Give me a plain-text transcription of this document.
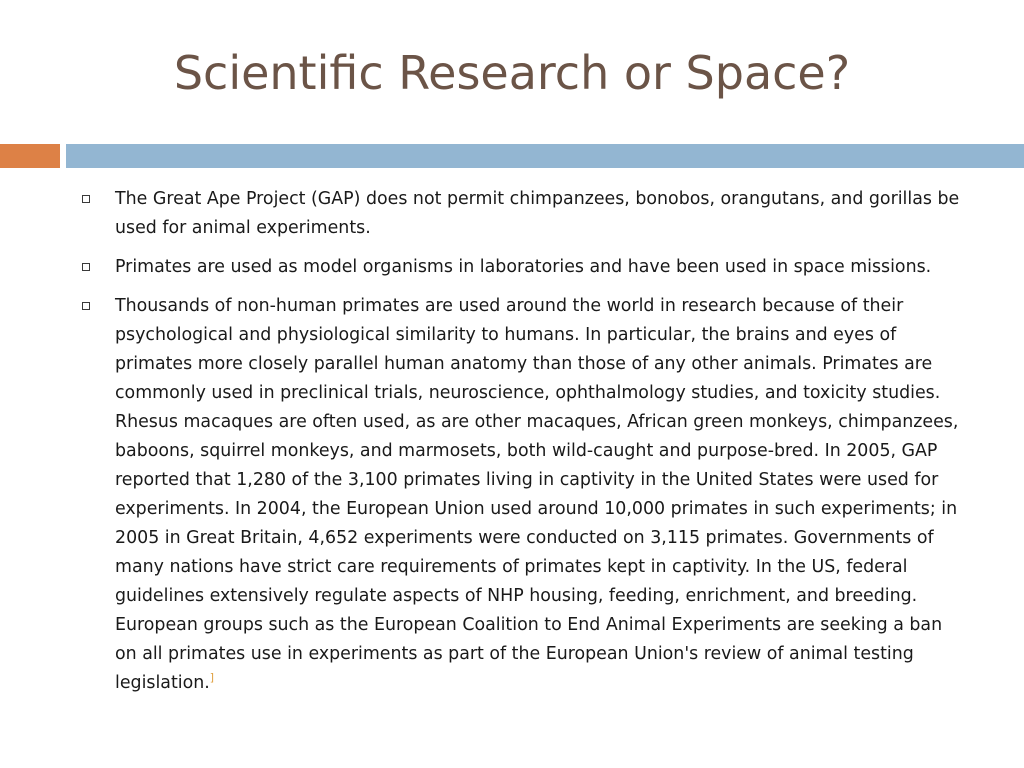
Scientific Research or Space?
The Great Ape Project (GAP) does not permit chimpanzees, bonobos, orangutans, and gorillas be used for animal experiments.
Primates are used as model organisms in laboratories and have been used in space missions.
Thousands of non-human primates are used around the world in research because of their psychological and physiological similarity to humans. In particular, the brains and eyes of primates more closely parallel human anatomy than those of any other animals. Primates are commonly used in preclinical trials, neuroscience, ophthalmology studies, and toxicity studies. Rhesus macaques are often used, as are other macaques, African green monkeys, chimpanzees, baboons, squirrel monkeys, and marmosets, both wild-caught and purpose-bred. In 2005, GAP reported that 1,280 of the 3,100 primates living in captivity in the United States were used for experiments. In 2004, the European Union used around 10,000 primates in such experiments; in 2005 in Great Britain, 4,652 experiments were conducted on 3,115 primates. Governments of many nations have strict care requirements of primates kept in captivity. In the US, federal guidelines extensively regulate aspects of NHP housing, feeding, enrichment, and breeding. European groups such as the European Coalition to End Animal Experiments are seeking a ban on all primates use in experiments as part of the European Union's review of animal testing legislation.]
